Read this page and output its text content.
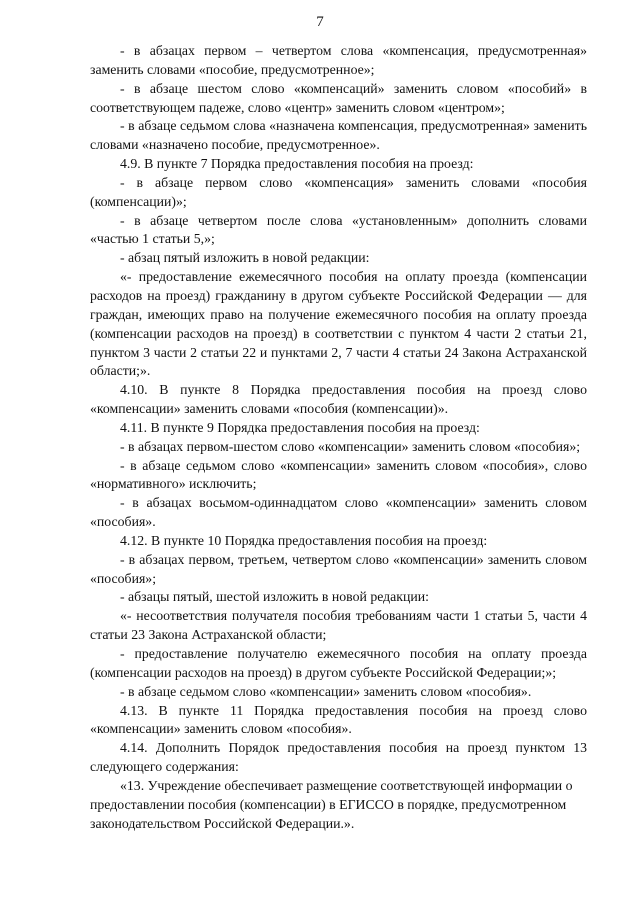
7

- в абзацах первом – четвертом слова «компенсация, предусмотренная» заменить словами «пособие, предусмотренное»;

- в абзаце шестом слово «компенсаций» заменить словом «пособий» в соответствующем падеже, слово «центр» заменить словом «центром»;

- в абзаце седьмом слова «назначена компенсация, предусмотренная» заменить словами «назначено пособие, предусмотренное».

4.9. В пункте 7 Порядка предоставления пособия на проезд:

- в абзаце первом слово «компенсация» заменить словами «пособия (компенсации)»;

- в абзаце четвертом после слова «установленным» дополнить словами «частью 1 статьи 5,»;

- абзац пятый изложить в новой редакции:

«- предоставление ежемесячного пособия на оплату проезда (компенсации расходов на проезд) гражданину в другом субъекте Российской Федерации — для граждан, имеющих право на получение ежемесячного пособия на оплату проезда (компенсации расходов на проезд) в соответствии с пунктом 4 части 2 статьи 21, пунктом 3 части 2 статьи 22 и пунктами 2, 7 части 4 статьи 24 Закона Астраханской области;».

4.10. В пункте 8 Порядка предоставления пособия на проезд слово «компенсации» заменить словами «пособия (компенсации)».

4.11. В пункте 9 Порядка предоставления пособия на проезд:

- в абзацах первом-шестом слово «компенсации» заменить словом «пособия»;

- в абзаце седьмом слово «компенсации» заменить словом «пособия», слово «нормативного» исключить;

- в абзацах восьмом-одиннадцатом слово «компенсации» заменить словом «пособия».

4.12. В пункте 10 Порядка предоставления пособия на проезд:

- в абзацах первом, третьем, четвертом слово «компенсации» заменить словом «пособия»;

- абзацы пятый, шестой изложить в новой редакции:

«- несоответствия получателя пособия требованиям части 1 статьи 5, части 4 статьи 23 Закона Астраханской области;

- предоставление получателю ежемесячного пособия на оплату проезда (компенсации расходов на проезд) в другом субъекте Российской Федерации;»;

- в абзаце седьмом слово «компенсации» заменить словом «пособия».

4.13. В пункте 11 Порядка предоставления пособия на проезд слово «компенсации» заменить словом «пособия».

4.14. Дополнить Порядок предоставления пособия на проезд пунктом 13 следующего содержания:

«13. Учреждение обеспечивает размещение соответствующей информации о предоставлении пособия (компенсации) в ЕГИССО в порядке, предусмотренном законодательством Российской Федерации.».
